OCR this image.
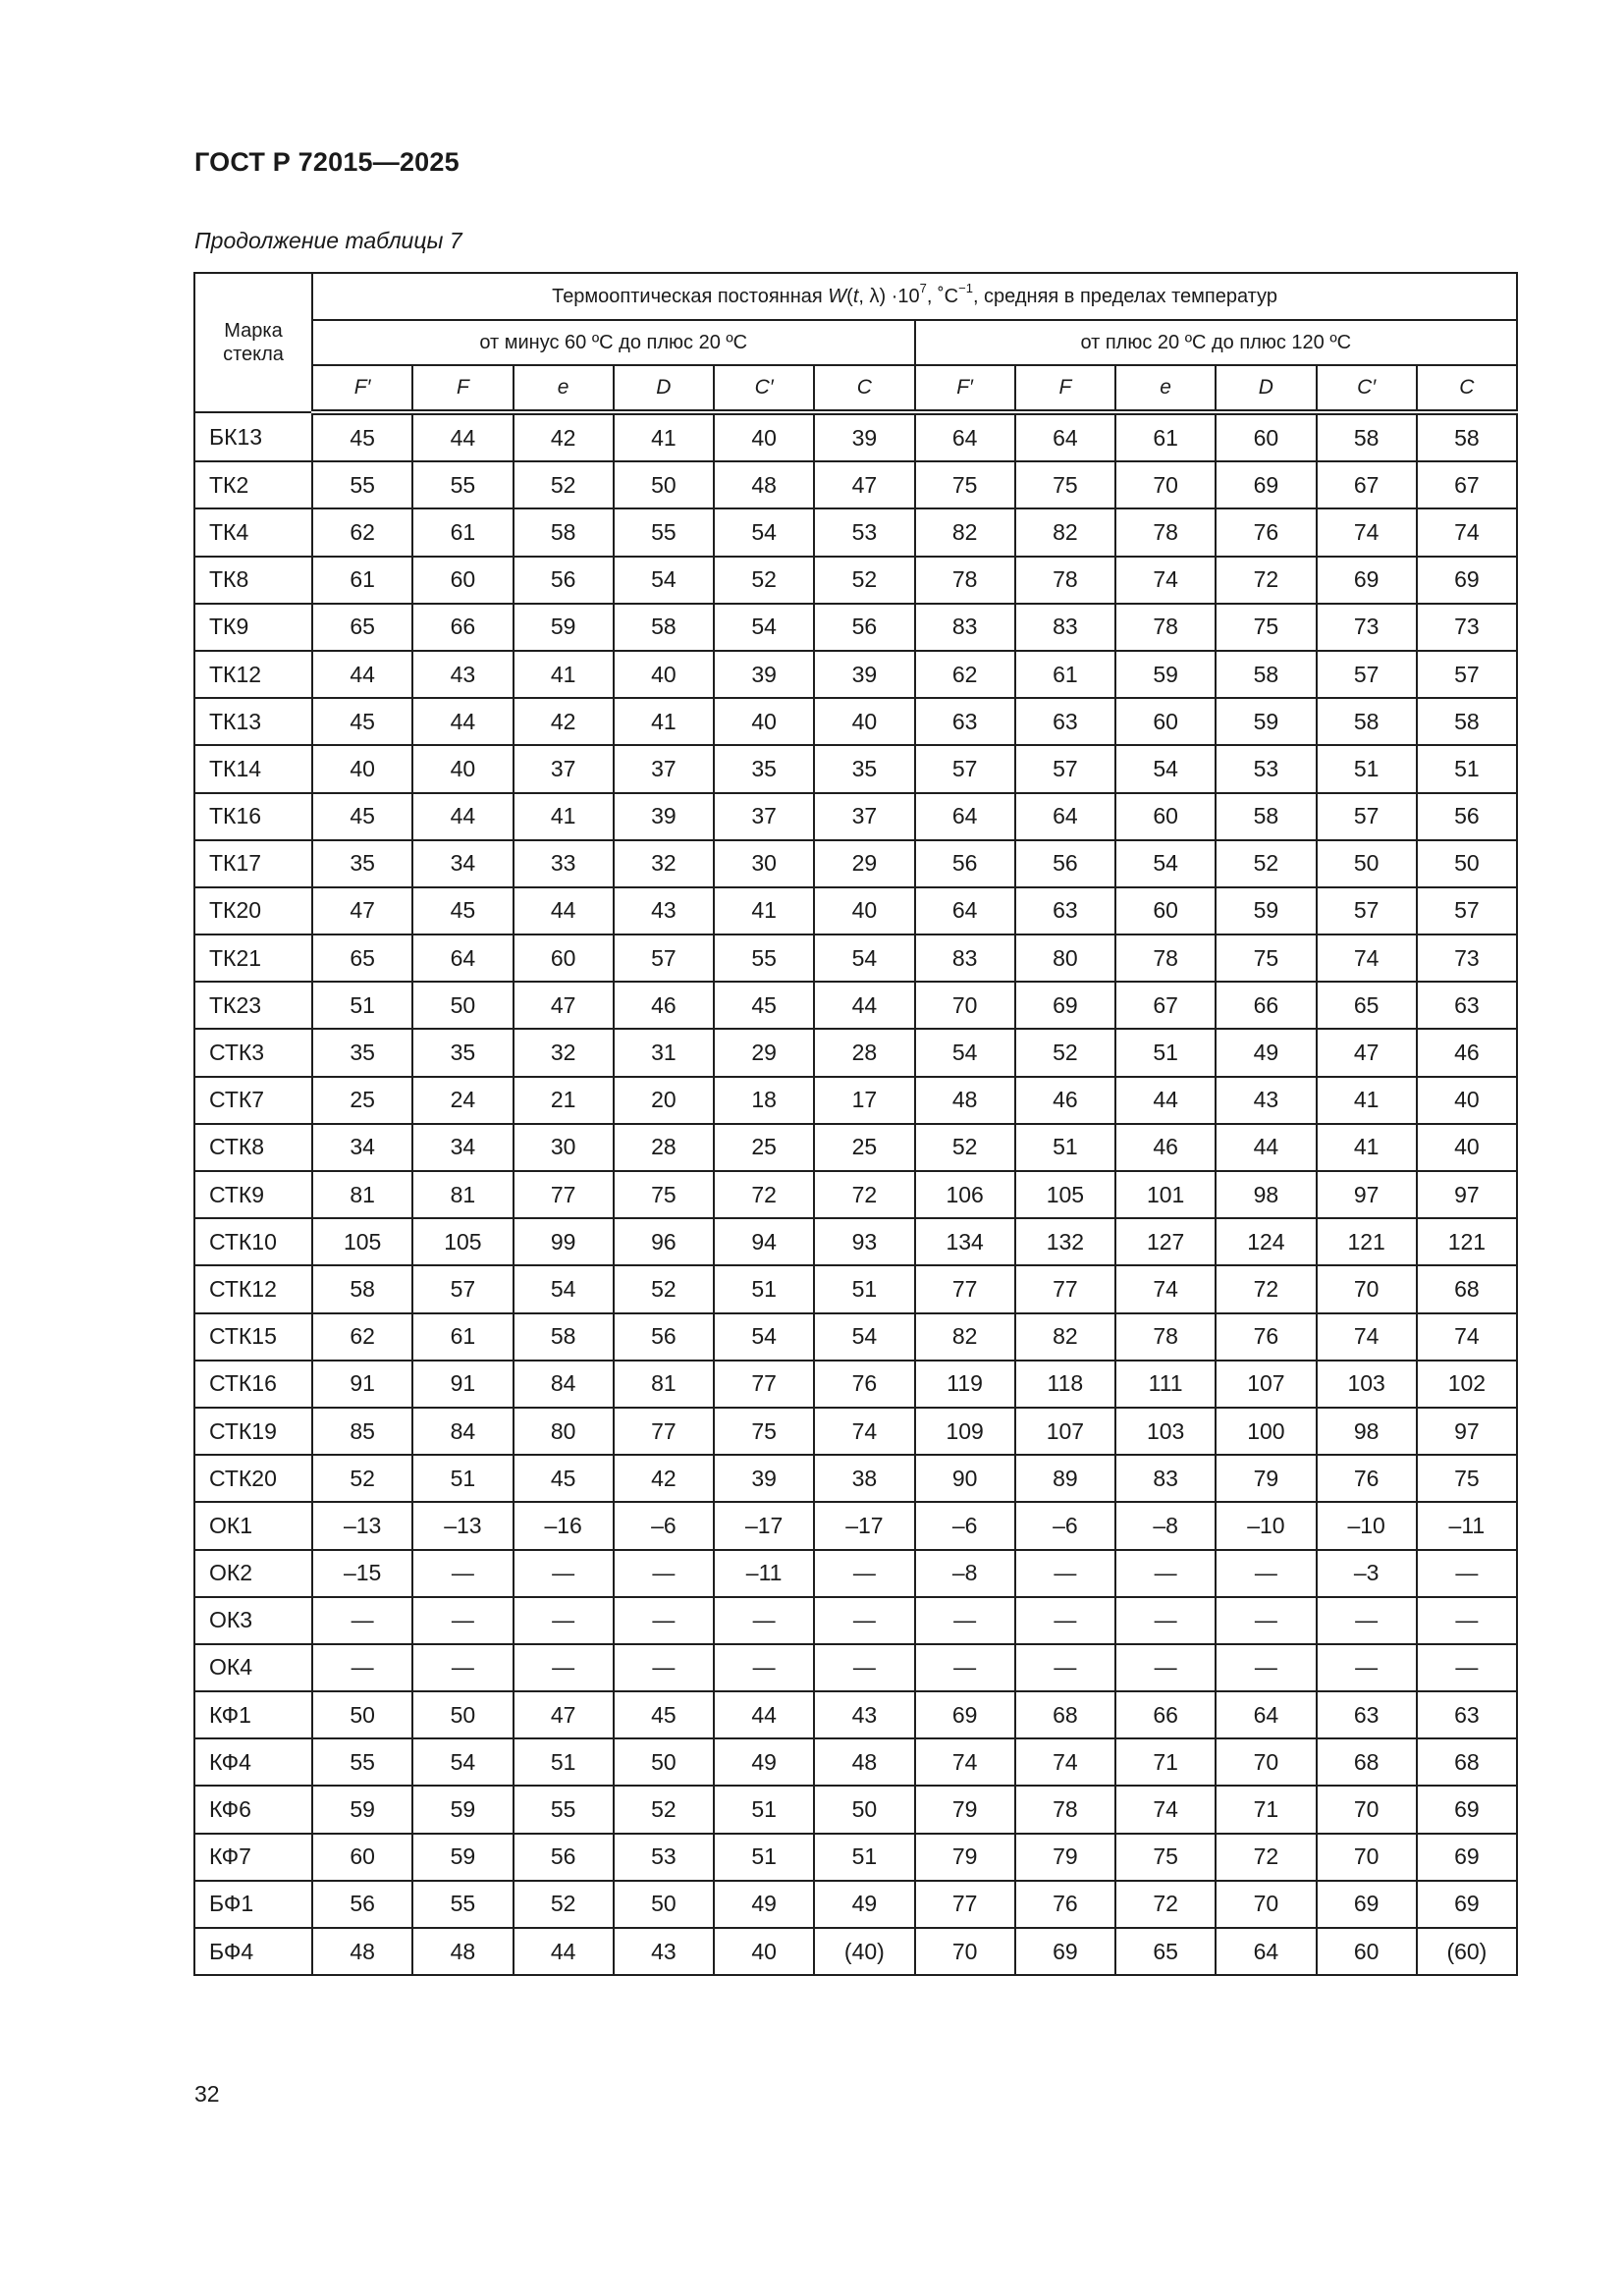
ГОСТ Р 72015—2025
Продолжение таблицы 7
Марка стекла	Термооптическая постоянная W(t, $\lambda) \cdot 10^7$, $˚C^{-1}$, средняя в пределах температур											
	от минус 60 ºС до плюс 20 ºС						от плюс 20 ºС до плюс 120 ºС					
	F′	F	e	D	C′	C	F′	F	e	D	C′	C
БК13	45	44	42	41	40	39	64	64	61	60	58	58
ТК2	55	55	52	50	48	47	75	75	70	69	67	67
ТК4	62	61	58	55	54	53	82	82	78	76	74	74
ТК8	61	60	56	54	52	52	78	78	74	72	69	69
ТК9	65	66	59	58	54	56	83	83	78	75	73	73
ТК12	44	43	41	40	39	39	62	61	59	58	57	57
ТК13	45	44	42	41	40	40	63	63	60	59	58	58
ТК14	40	40	37	37	35	35	57	57	54	53	51	51
ТК16	45	44	41	39	37	37	64	64	60	58	57	56
ТК17	35	34	33	32	30	29	56	56	54	52	50	50
ТК20	47	45	44	43	41	40	64	63	60	59	57	57
ТК21	65	64	60	57	55	54	83	80	78	75	74	73
ТК23	51	50	47	46	45	44	70	69	67	66	65	63
СТК3	35	35	32	31	29	28	54	52	51	49	47	46
СТК7	25	24	21	20	18	17	48	46	44	43	41	40
СТК8	34	34	30	28	25	25	52	51	46	44	41	40
СТК9	81	81	77	75	72	72	106	105	101	98	97	97
СТК10	105	105	99	96	94	93	134	132	127	124	121	121
СТК12	58	57	54	52	51	51	77	77	74	72	70	68
СТК15	62	61	58	56	54	54	82	82	78	76	74	74
СТК16	91	91	84	81	77	76	119	118	111	107	103	102
СТК19	85	84	80	77	75	74	109	107	103	100	98	97
СТК20	52	51	45	42	39	38	90	89	83	79	76	75
ОК1	–13	–13	–16	–6	–17	–17	–6	–6	–8	–10	–10	–11
ОК2	–15	—	—	—	–11	—	–8	—	—	—	–3	—
ОК3	—	—	—	—	—	—	—	—	—	—	—	—
ОК4	—	—	—	—	—	—	—	—	—	—	—	—
КФ1	50	50	47	45	44	43	69	68	66	64	63	63
КФ4	55	54	51	50	49	48	74	74	71	70	68	68
КФ6	59	59	55	52	51	50	79	78	74	71	70	69
КФ7	60	59	56	53	51	51	79	79	75	72	70	69
БФ1	56	55	52	50	49	49	77	76	72	70	69	69
БФ4	48	48	44	43	40	(40)	70	69	65	64	60	(60)
32
